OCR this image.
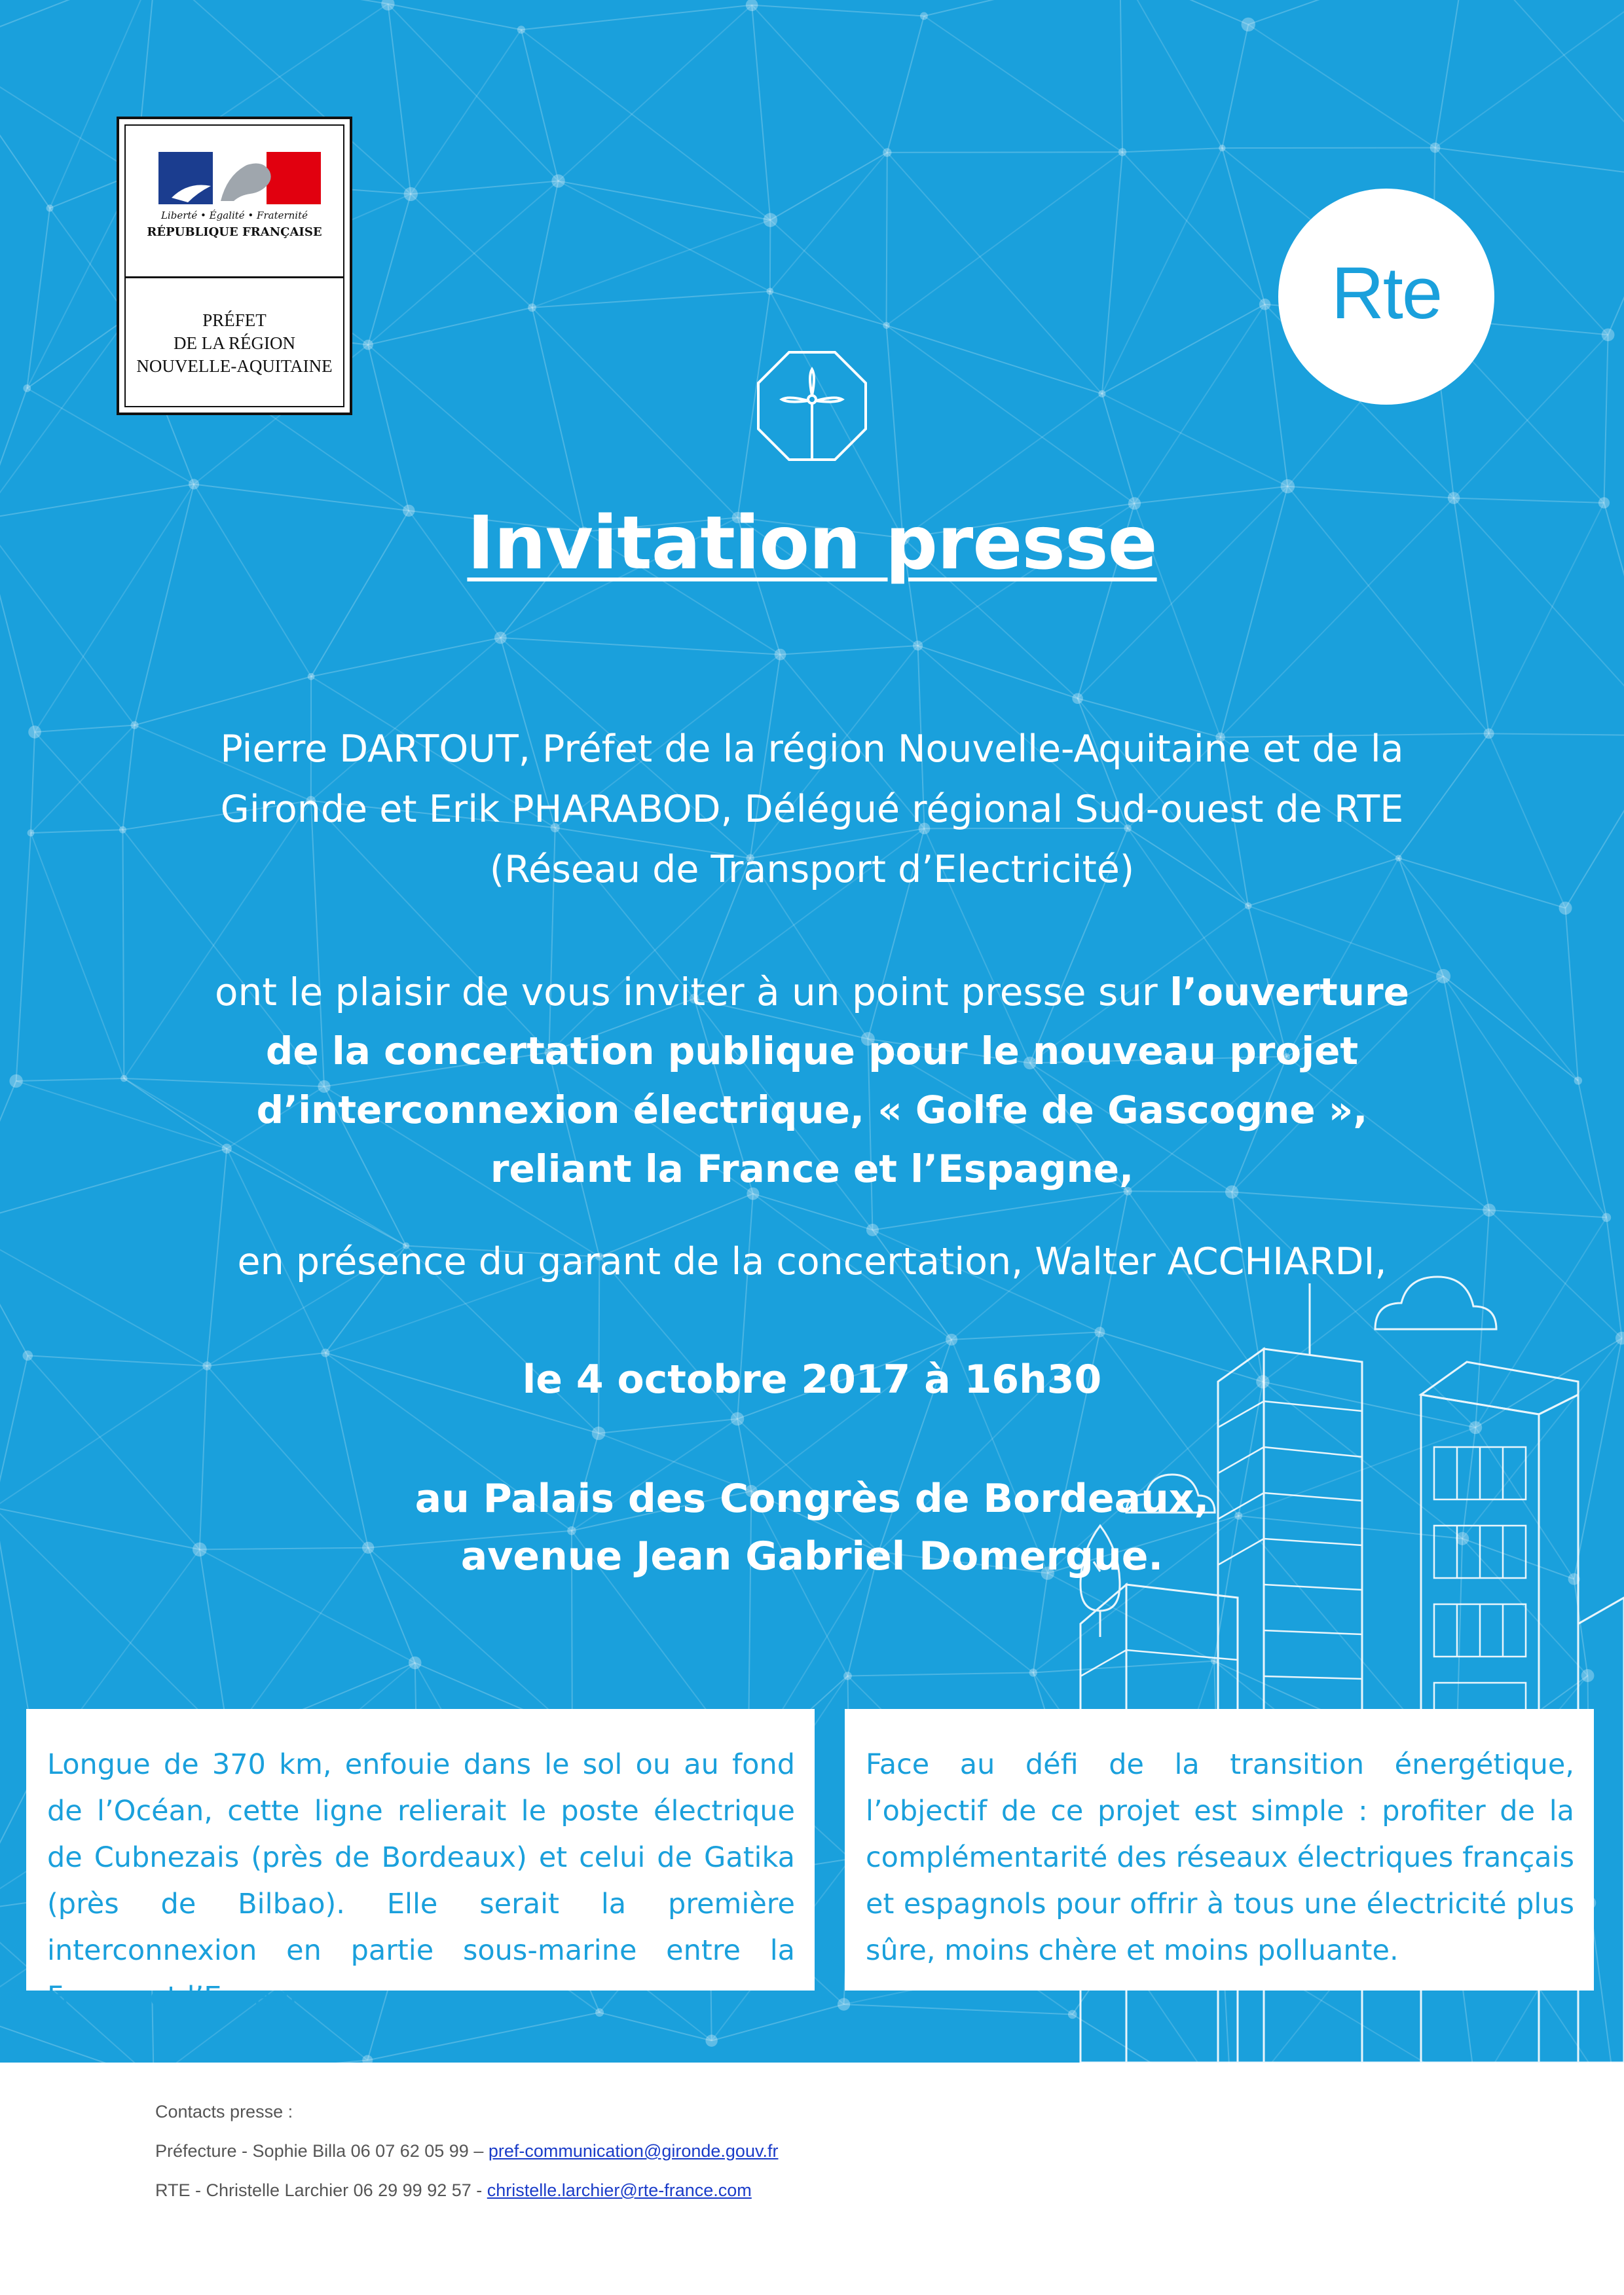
Liberté • Égalité • Fraternité
RÉPUBLIQUE FRANÇAISE
PRÉFET
DE LA RÉGION
NOUVELLE-AQUITAINE
Rte
Invitation presse
Pierre DARTOUT, Préfet de la région Nouvelle-Aquitaine et de la
Gironde et Erik PHARABOD, Délégué régional Sud-ouest de RTE
(Réseau de Transport d’Electricité)
ont le plaisir de vous inviter à un point presse sur l’ouverture
de la concertation publique pour le nouveau projet
d’interconnexion électrique, « Golfe de Gascogne »,
reliant la France et l’Espagne,
en présence du garant de la concertation, Walter ACCHIARDI,
le 4 octobre 2017 à 16h30
au Palais des Congrès de Bordeaux,
avenue Jean Gabriel Domergue.
Longue de 370 km, enfouie dans le sol ou au fond de l’Océan, cette ligne relierait le poste électrique de Cubnezais (près de Bordeaux) et celui de Gatika (près de Bilbao). Elle serait la première interconnexion en partie sous-marine entre la France et l’Espagne.
Face au défi de la transition énergétique, l’objectif de ce projet est simple : profiter de la complémentarité des réseaux électriques français et espagnols pour offrir à tous une électricité plus sûre, moins chère et moins polluante.
Contacts presse :
Préfecture - Sophie Billa 06 07 62 05 99 – pref-communication@gironde.gouv.fr
RTE - Christelle Larchier 06 29 99 92 57 - christelle.larchier@rte-france.com
